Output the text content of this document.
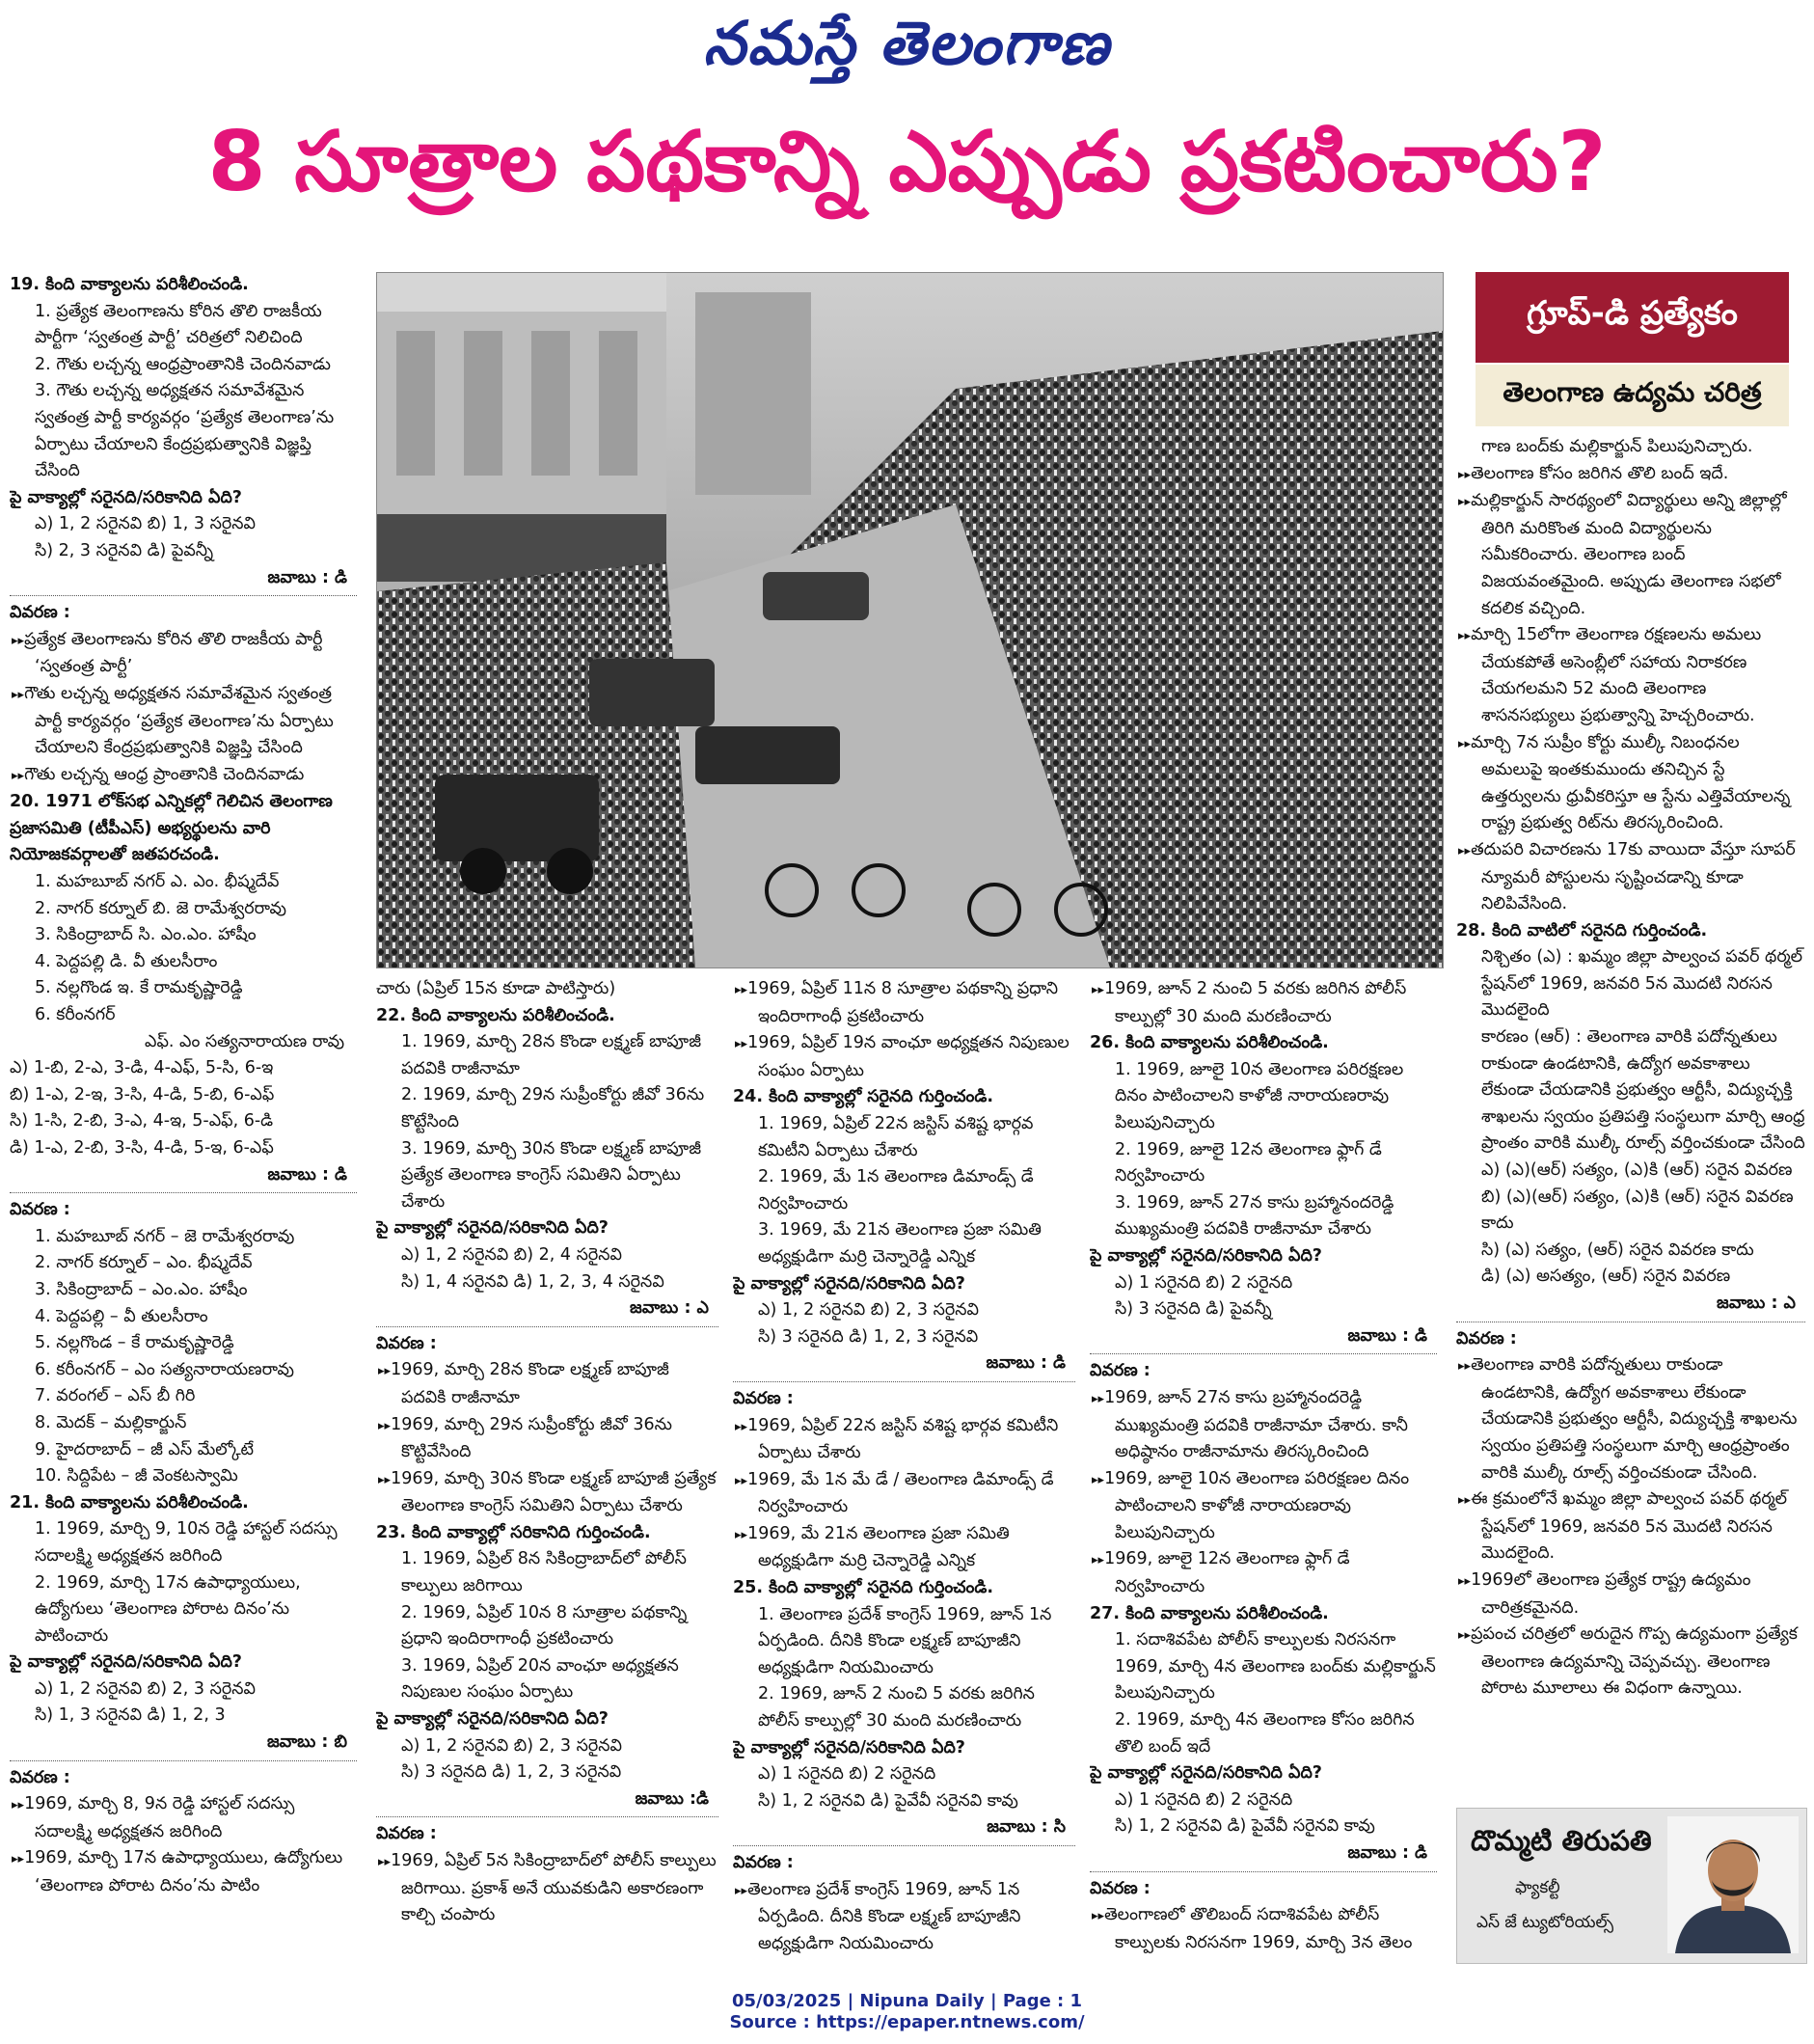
నమస్తే తెలంగాణ
8 సూత్రాల పథకాన్ని ఎప్పుడు ప్రకటించారు?

19. కింది వాక్యాలను పరిశీలించండి.

1. ప్రత్యేక తెలంగాణను కోరిన తొలి రాజకీయ పార్టీగా ‘స్వతంత్ర పార్టీ’ చరిత్రలో నిలిచింది

2. గౌతు లచ్చన్న ఆంధ్రప్రాంతానికి చెందినవాడు

3. గౌతు లచ్చన్న అధ్యక్షతన సమావేశమైన స్వతంత్ర పార్టీ కార్యవర్గం ‘ప్రత్యేక తెలంగాణ’ను ఏర్పాటు చేయాలని కేంద్రప్రభుత్వానికి విజ్ఞప్తి చేసింది

పై వాక్యాల్లో సరైనది/సరికానిది ఏది?

ఎ) 1, 2 సరైనవి బి) 1, 3 సరైనవి

సి) 2, 3 సరైనవి డి) పైవన్నీ

జవాబు : డి

వివరణ :

▸▸ ప్రత్యేక తెలంగాణను కోరిన తొలి రాజకీయ పార్టీ ‘స్వతంత్ర పార్టీ’

▸▸ గౌతు లచ్చన్న అధ్యక్షతన సమావేశమైన స్వతంత్ర పార్టీ కార్యవర్గం ‘ప్రత్యేక తెలంగాణ’ను ఏర్పాటు చేయాలని కేంద్రప్రభుత్వానికి విజ్ఞప్తి చేసింది

▸▸ గౌతు లచ్చన్న ఆంధ్ర ప్రాంతానికి చెందినవాడు

20. 1971 లోక్‌సభ ఎన్నికల్లో గెలిచిన తెలంగాణ ప్రజాసమితి (టీపీఎస్‌) అభ్యర్థులను వారి నియోజకవర్గాలతో జతపరచండి.

1. మహబూబ్‌ నగర్‌ ఎ. ఎం. భీష్మదేవ్‌

2. నాగర్‌ కర్నూల్‌ బి. జె రామేశ్వరరావు

3. సికింద్రాబాద్‌ సి. ఎం.ఎం. హాషీం

4. పెద్దపల్లి డి. వీ తులసీరాం

5. నల్లగొండ ఇ. కే రామకృష్ణారెడ్డి

6. కరీంనగర్‌

ఎఫ్‌. ఎం సత్యనారాయణ రావు

ఎ) 1-బి, 2-ఎ, 3-డి, 4-ఎఫ్‌, 5-సి, 6-ఇ

బి) 1-ఎ, 2-ఇ, 3-సి, 4-డి, 5-బి, 6-ఎఫ్‌

సి) 1-సి, 2-బి, 3-ఎ, 4-ఇ, 5-ఎఫ్‌, 6-డి

డి) 1-ఎ, 2-బి, 3-సి, 4-డి, 5-ఇ, 6-ఎఫ్‌

జవాబు : డి

వివరణ :

1. మహబూబ్‌ నగర్‌ – జె రామేశ్వరరావు

2. నాగర్‌ కర్నూల్‌ – ఎం. భీష్మదేవ్‌

3. సికింద్రాబాద్‌ – ఎం.ఎం. హాషీం

4. పెద్దపల్లి – వీ తులసీరాం

5. నల్లగొండ – కే రామకృష్ణారెడ్డి

6. కరీంనగర్‌ – ఎం సత్యనారాయణరావు

7. వరంగల్‌ – ఎస్‌ బీ గిరి

8. మెదక్‌ – మల్లికార్జున్‌

9. హైదరాబాద్‌ – జీ ఎస్‌ మేల్కోటే

10. సిద్దిపేట – జీ వెంకటస్వామి

21. కింది వాక్యాలను పరిశీలించండి.

1. 1969, మార్చి 9, 10న రెడ్డి హాస్టల్‌ సదస్సు సదాలక్ష్మి అధ్యక్షతన జరిగింది

2. 1969, మార్చి 17న ఉపాధ్యాయులు, ఉద్యోగులు ‘తెలంగాణ పోరాట దినం’ను పాటించారు

పై వాక్యాల్లో సరైనది/సరికానిది ఏది?

ఎ) 1, 2 సరైనవి బి) 2, 3 సరైనవి

సి) 1, 3 సరైనవి డి) 1, 2, 3

జవాబు : బి

వివరణ :

▸▸ 1969, మార్చి 8, 9న రెడ్డి హాస్టల్‌ సదస్సు సదాలక్ష్మి అధ్యక్షతన జరిగింది

▸▸ 1969, మార్చి 17న ఉపాధ్యాయులు, ఉద్యోగులు ‘తెలంగాణ పోరాట దినం’ను పాటిం

గ్రూప్‌-డి ప్రత్యేకం
తెలంగాణ ఉద్యమ చరిత్ర

చారు (ఏప్రిల్‌ 15న కూడా పాటిస్తారు)

22. కింది వాక్యాలను పరిశీలించండి.

1. 1969, మార్చి 28న కొండా లక్ష్మణ్‌ బాపూజీ పదవికి రాజీనామా

2. 1969, మార్చి 29న సుప్రీంకోర్టు జీవో 36ను కొట్టేసింది

3. 1969, మార్చి 30న కొండా లక్ష్మణ్‌ బాపూజీ ప్రత్యేక తెలంగాణ కాంగ్రెస్‌ సమితిని ఏర్పాటు చేశారు

పై వాక్యాల్లో సరైనది/సరికానిది ఏది?

ఎ) 1, 2 సరైనవి బి) 2, 4 సరైనవి

సి) 1, 4 సరైనవి డి) 1, 2, 3, 4 సరైనవి

జవాబు : ఎ

వివరణ :

▸▸ 1969, మార్చి 28న కొండా లక్ష్మణ్‌ బాపూజీ పదవికి రాజీనామా

▸▸ 1969, మార్చి 29న సుప్రీంకోర్టు జీవో 36ను కొట్టివేసింది

▸▸ 1969, మార్చి 30న కొండా లక్ష్మణ్‌ బాపూజీ ప్రత్యేక తెలంగాణ కాంగ్రెస్‌ సమితిని ఏర్పాటు చేశారు

23. కింది వాక్యాల్లో సరికానిది గుర్తించండి.

1. 1969, ఏప్రిల్‌ 8న సికింద్రాబాద్‌లో పోలీస్‌ కాల్పులు జరిగాయి

2. 1969, ఏప్రిల్‌ 10న 8 సూత్రాల పథకాన్ని ప్రధాని ఇందిరాగాంధీ ప్రకటించారు

3. 1969, ఏప్రిల్‌ 20న వాంఛూ అధ్యక్షతన నిపుణుల సంఘం ఏర్పాటు

పై వాక్యాల్లో సరైనది/సరికానిది ఏది?

ఎ) 1, 2 సరైనవి బి) 2, 3 సరైనవి

సి) 3 సరైనది డి) 1, 2, 3 సరైనవి

జవాబు :డి

వివరణ :

▸▸ 1969, ఏప్రిల్‌ 5న సికింద్రాబాద్‌లో పోలీస్‌ కాల్పులు జరిగాయి. ప్రకాశ్‌ అనే యువకుడిని అకారణంగా కాల్చి చంపారు

▸▸ 1969, ఏప్రిల్‌ 11న 8 సూత్రాల పథకాన్ని ప్రధాని ఇందిరాగాంధీ ప్రకటించారు

▸▸ 1969, ఏప్రిల్‌ 19న వాంఛూ అధ్యక్షతన నిపుణుల సంఘం ఏర్పాటు

24. కింది వాక్యాల్లో సరైనది గుర్తించండి.

1. 1969, ఏప్రిల్‌ 22న జస్టిస్‌ వశిష్ట భార్గవ కమిటీని ఏర్పాటు చేశారు

2. 1969, మే 1న తెలంగాణ డిమాండ్స్‌ డే నిర్వహించారు

3. 1969, మే 21న తెలంగాణ ప్రజా సమితి అధ్యక్షుడిగా మర్రి చెన్నారెడ్డి ఎన్నిక

పై వాక్యాల్లో సరైనది/సరికానిది ఏది?

ఎ) 1, 2 సరైనవి బి) 2, 3 సరైనవి

సి) 3 సరైనది డి) 1, 2, 3 సరైనవి

జవాబు : డి

వివరణ :

▸▸ 1969, ఏప్రిల్‌ 22న జస్టిస్‌ వశిష్ట భార్గవ కమిటీని ఏర్పాటు చేశారు

▸▸ 1969, మే 1న మే డే / తెలంగాణ డిమాండ్స్‌ డే నిర్వహించారు

▸▸ 1969, మే 21న తెలంగాణ ప్రజా సమితి అధ్యక్షుడిగా మర్రి చెన్నారెడ్డి ఎన్నిక

25. కింది వాక్యాల్లో సరైనది గుర్తించండి.

1. తెలంగాణ ప్రదేశ్‌ కాంగ్రెస్‌ 1969, జూన్‌ 1న ఏర్పడింది. దీనికి కొండా లక్ష్మణ్‌ బాపూజీని అధ్యక్షుడిగా నియమించారు

2. 1969, జూన్‌ 2 నుంచి 5 వరకు జరిగిన పోలీస్‌ కాల్పుల్లో 30 మంది మరణించారు

పై వాక్యాల్లో సరైనది/సరికానిది ఏది?

ఎ) 1 సరైనది బి) 2 సరైనది

సి) 1, 2 సరైనవి డి) పైవేవీ సరైనవి కావు

జవాబు : సి

వివరణ :

▸▸ తెలంగాణ ప్రదేశ్‌ కాంగ్రెస్‌ 1969, జూన్‌ 1న ఏర్పడింది. దీనికి కొండా లక్ష్మణ్‌ బాపూజీని అధ్యక్షుడిగా నియమించారు

▸▸ 1969, జూన్‌ 2 నుంచి 5 వరకు జరిగిన పోలీస్‌ కాల్పుల్లో 30 మంది మరణించారు

26. కింది వాక్యాలను పరిశీలించండి.

1. 1969, జూలై 10న తెలంగాణ పరిరక్షణల దినం పాటించాలని కాళోజీ నారాయణరావు పిలుపునిచ్చారు

2. 1969, జూలై 12న తెలంగాణ ఫ్లాగ్‌ డే నిర్వహించారు

3. 1969, జూన్‌ 27న కాసు బ్రహ్మానందరెడ్డి ముఖ్యమంత్రి పదవికి రాజీనామా చేశారు

పై వాక్యాల్లో సరైనది/సరికానిది ఏది?

ఎ) 1 సరైనది బి) 2 సరైనది

సి) 3 సరైనది డి) పైవన్నీ

జవాబు : డి

వివరణ :

▸▸ 1969, జూన్‌ 27న కాసు బ్రహ్మానందరెడ్డి ముఖ్యమంత్రి పదవికి రాజీనామా చేశారు. కానీ అధిష్ఠానం రాజీనామాను తిరస్కరించింది

▸▸ 1969, జూలై 10న తెలంగాణ పరిరక్షణల దినం పాటించాలని కాళోజీ నారాయణరావు పిలుపునిచ్చారు

▸▸ 1969, జూలై 12న తెలంగాణ ఫ్లాగ్‌ డే నిర్వహించారు

27. కింది వాక్యాలను పరిశీలించండి.

1. సదాశివపేట పోలీస్‌ కాల్పులకు నిరసనగా 1969, మార్చి 4న తెలంగాణ బంద్‌కు మల్లికార్జున్‌ పిలుపునిచ్చారు

2. 1969, మార్చి 4న తెలంగాణ కోసం జరిగిన తొలి బంద్‌ ఇదే

పై వాక్యాల్లో సరైనది/సరికానిది ఏది?

ఎ) 1 సరైనది బి) 2 సరైనది

సి) 1, 2 సరైనవి డి) పైవేవీ సరైనవి కావు

జవాబు : డి

వివరణ :

▸▸ తెలంగాణలో తొలిబంద్‌ సదాశివపేట పోలీస్‌ కాల్పులకు నిరసనగా 1969, మార్చి 3న తెలం

గాణ బంద్‌కు మల్లికార్జున్‌ పిలుపునిచ్చారు.

▸▸ తెలంగాణ కోసం జరిగిన తొలి బంద్‌ ఇదే.

▸▸ మల్లికార్జున్‌ సారథ్యంలో విద్యార్థులు అన్ని జిల్లాల్లో తిరిగి మరికొంత మంది విద్యార్థులను సమీకరించారు. తెలంగాణ బంద్‌ విజయవంతమైంది. అప్పుడు తెలంగాణ సభలో కదలిక వచ్చింది.

▸▸ మార్చి 15లోగా తెలంగాణ రక్షణలను అమలు చేయకపోతే అసెంబ్లీలో సహాయ నిరాకరణ చేయగలమని 52 మంది తెలంగాణ శాసనసభ్యులు ప్రభుత్వాన్ని హెచ్చరించారు.

▸▸ మార్చి 7న సుప్రీం కోర్టు ముల్కీ నిబంధనల అమలుపై ఇంతకుముందు తనిచ్చిన స్టే ఉత్తర్వులను ధ్రువీకరిస్తూ ఆ స్టేను ఎత్తివేయాలన్న రాష్ట్ర ప్రభుత్వ రిట్‌ను తిరస్కరించింది.

▸▸ తదుపరి విచారణను 17కు వాయిదా వేస్తూ సూపర్‌ న్యూమరీ పోస్టులను సృష్టించడాన్ని కూడా నిలిపివేసింది.

28. కింది వాటిలో సరైనది గుర్తించండి.

నిశ్చితం (ఎ) : ఖమ్మం జిల్లా పాల్వంచ పవర్‌ థర్మల్‌ స్టేషన్‌లో 1969, జనవరి 5న మొదటి నిరసన మొదలైంది

కారణం (ఆర్‌) : తెలంగాణ వారికి పదోన్నతులు రాకుండా ఉండటానికి, ఉద్యోగ అవకాశాలు లేకుండా చేయడానికి ప్రభుత్వం ఆర్టీసీ, విద్యుచ్ఛక్తి శాఖలను స్వయం ప్రతిపత్తి సంస్థలుగా మార్చి ఆంధ్ర ప్రాంతం వారికి ముల్కీ రూల్స్‌ వర్తించకుండా చేసింది

ఎ) (ఎ)(ఆర్‌) సత్యం, (ఎ)కి (ఆర్‌) సరైన వివరణ

బి) (ఎ)(ఆర్‌) సత్యం, (ఎ)కి (ఆర్‌) సరైన వివరణ కాదు

సి) (ఎ) సత్యం, (ఆర్‌) సరైన వివరణ కాదు

డి) (ఎ) అసత్యం, (ఆర్‌) సరైన వివరణ

జవాబు : ఎ

వివరణ :

▸▸ తెలంగాణ వారికి పదోన్నతులు రాకుండా ఉండటానికి, ఉద్యోగ అవకాశాలు లేకుండా చేయడానికి ప్రభుత్వం ఆర్టీసీ, విద్యుచ్ఛక్తి శాఖలను స్వయం ప్రతిపత్తి సంస్థలుగా మార్చి ఆంధ్రప్రాంతం వారికి ముల్కీ రూల్స్‌ వర్తించకుండా చేసింది.

▸▸ ఈ క్రమంలోనే ఖమ్మం జిల్లా పాల్వంచ పవర్‌ థర్మల్‌ స్టేషన్‌లో 1969, జనవరి 5న మొదటి నిరసన మొదలైంది.

▸▸ 1969లో తెలంగాణ ప్రత్యేక రాష్ట్ర ఉద్యమం చారిత్రకమైనది.

▸▸ ప్రపంచ చరిత్రలో అరుదైన గొప్ప ఉద్యమంగా ప్రత్యేక తెలంగాణ ఉద్యమాన్ని చెప్పవచ్చు. తెలంగాణ పోరాట మూలాలు ఈ విధంగా ఉన్నాయి.

దొమ్మటి తిరుపతి
ఫ్యాకల్టీ
ఎస్‌ జే ట్యుటోరియల్స్‌
05/03/2025 | Nipuna Daily | Page : 1
Source : https://epaper.ntnews.com/
